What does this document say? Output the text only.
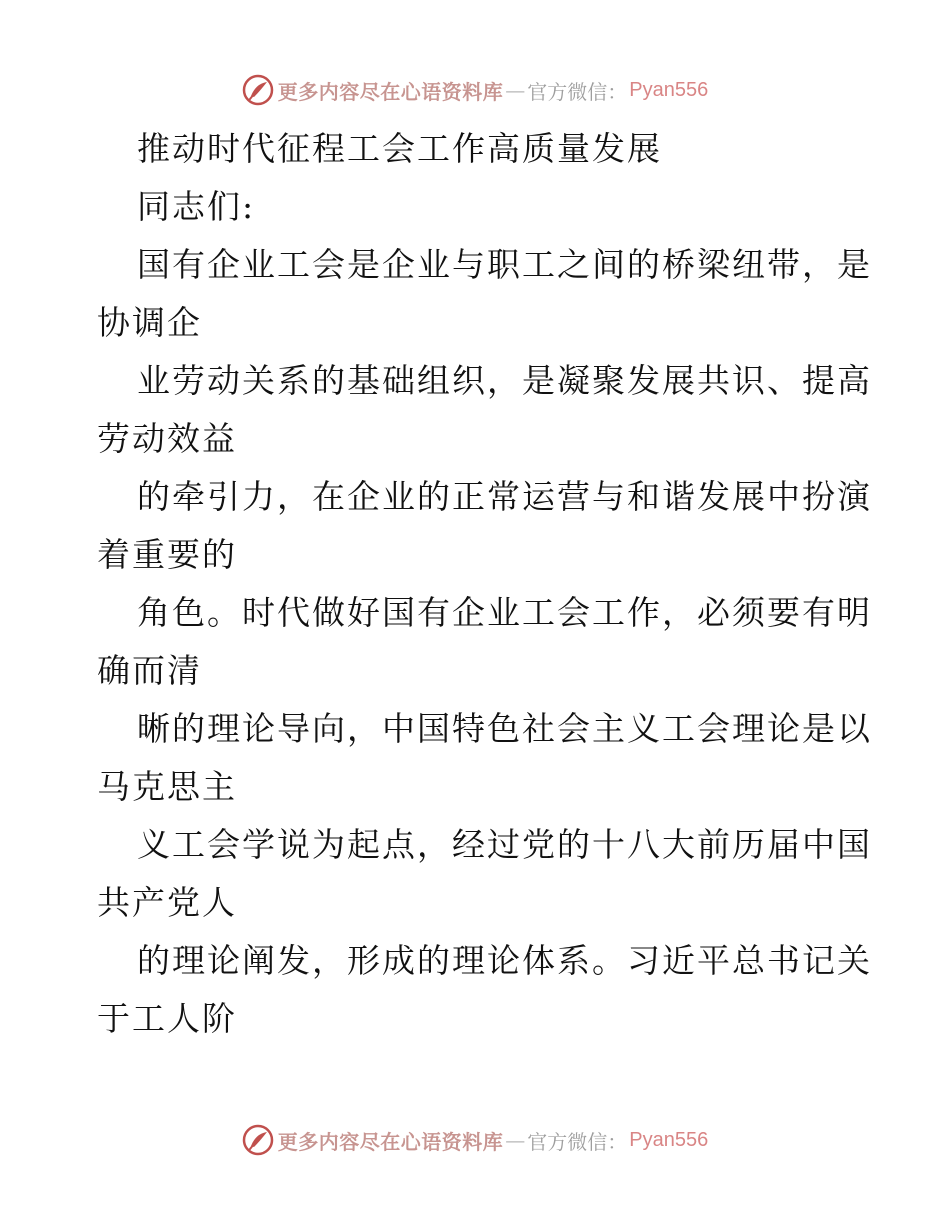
更多内容尽在心语资料库 — 官方微信： Pyan556
推动时代征程工会工作高质量发展
同志们:
国有企业工会是企业与职工之间的桥梁纽带，是
协调企
业劳动关系的基础组织，是凝聚发展共识、提高
劳动效益
的牵引力，在企业的正常运营与和谐发展中扮演
着重要的
角色。时代做好国有企业工会工作，必须要有明
确而清
晰的理论导向，中国特色社会主义工会理论是以
马克思主
义工会学说为起点，经过党的十八大前历届中国
共产党人
的理论阐发，形成的理论体系。习近平总书记关
于工人阶
更多内容尽在心语资料库 — 官方微信： Pyan556
